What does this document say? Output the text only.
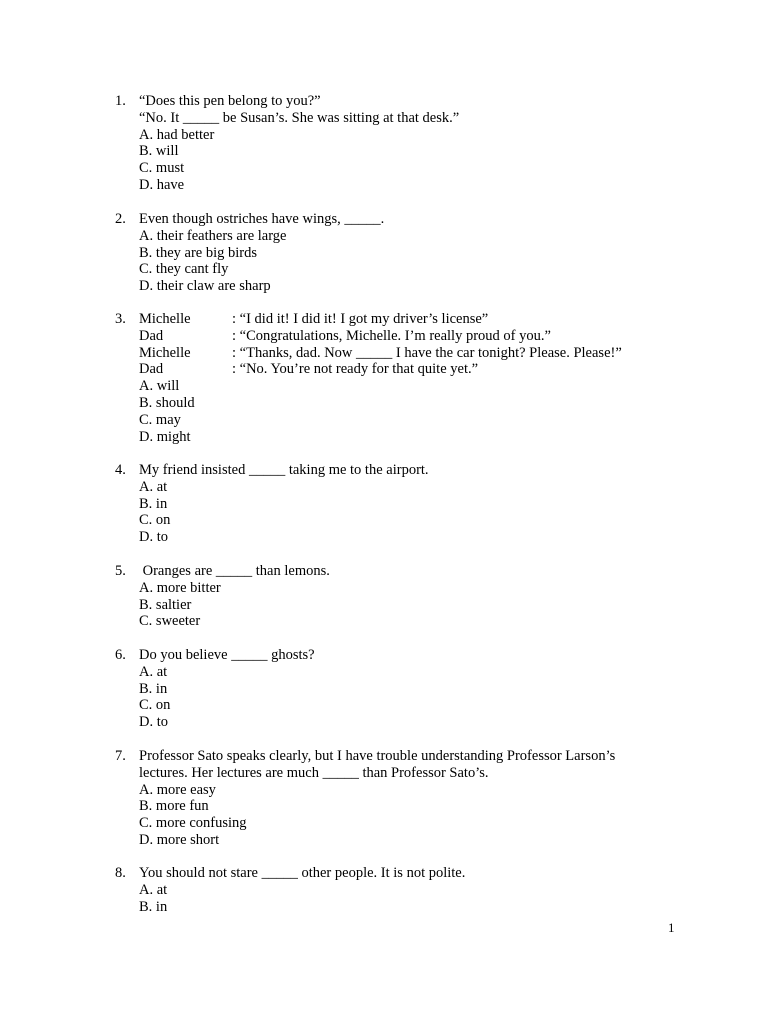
1. “Does this pen belong to you?”
“No. It _____ be Susan’s. She was sitting at that desk.”
A. had better
B. will
C. must
D. have
2. Even though ostriches have wings, _____.
A. their feathers are large
B. they are big birds
C. they cant fly
D. their claw are sharp
3. Michelle	: “I did it! I did it! I got my driver’s license”
Dad	: “Congratulations, Michelle. I’m really proud of you.”
Michelle	: “Thanks, dad. Now _____ I have the car tonight? Please. Please!”
Dad	: “No. You’re not ready for that quite yet.”
A. will
B. should
C. may
D. might
4. My friend insisted _____ taking me to the airport.
A. at
B. in
C. on
D. to
5. Oranges are _____ than lemons.
A. more bitter
B. saltier
C. sweeter
6. Do you believe _____ ghosts?
A. at
B. in
C. on
D. to
7. Professor Sato speaks clearly, but I have trouble understanding Professor Larson’s
lectures. Her lectures are much _____ than Professor Sato’s.
A. more easy
B. more fun
C. more confusing
D. more short
8. You should not stare _____ other people. It is not polite.
A. at
B. in
1
